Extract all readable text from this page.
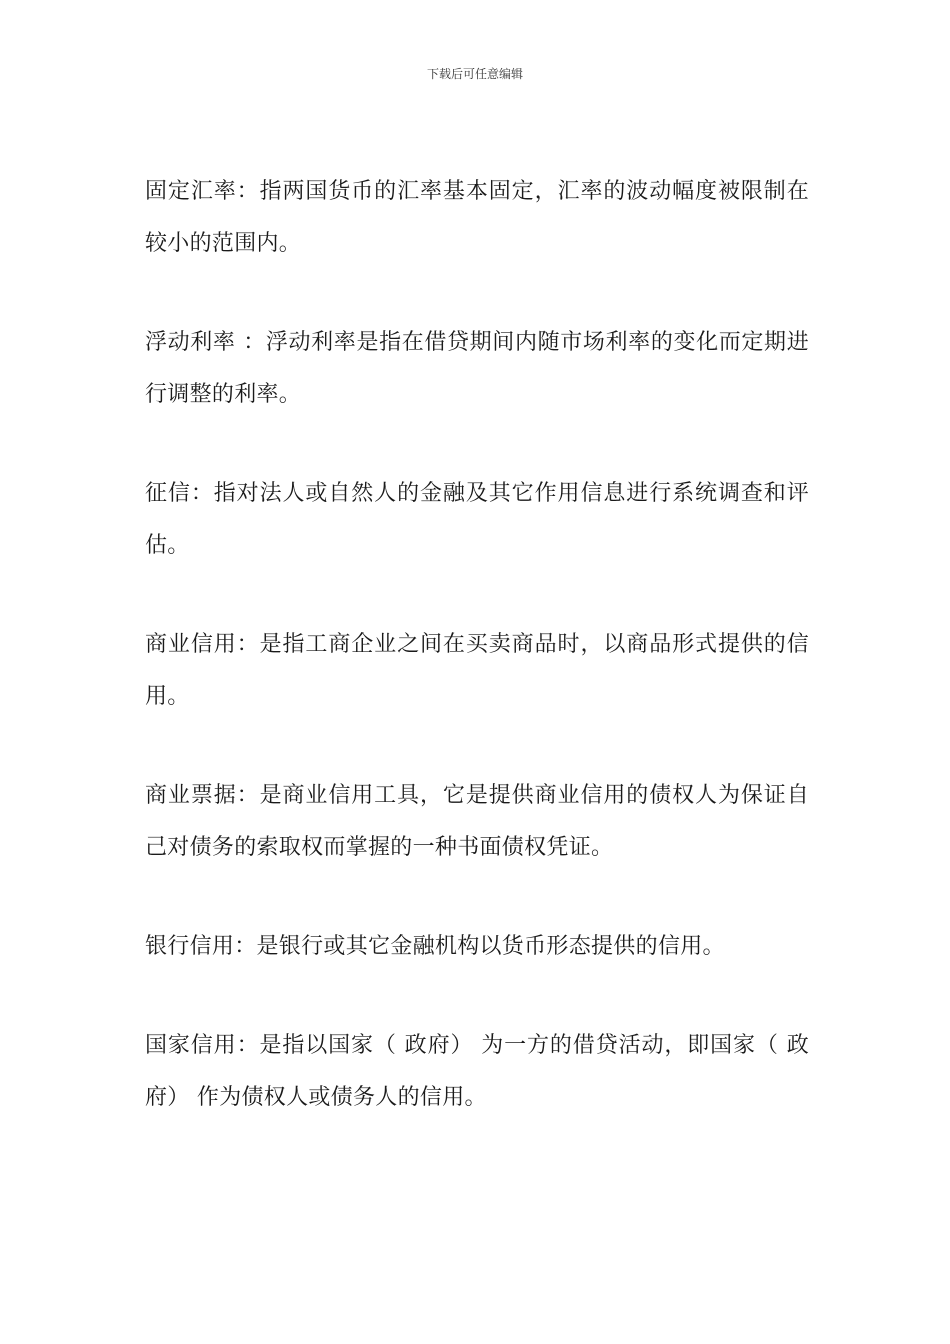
下载后可任意编辑

固定汇率：指两国货币的汇率基本固定，汇率的波动幅度被限制在较小的范围内。

浮动利率 ：浮动利率是指在借贷期间内随市场利率的变化而定期进行调整的利率。

征信：指对法人或自然人的金融及其它作用信息进行系统调查和评估。

商业信用：是指工商企业之间在买卖商品时，以商品形式提供的信用。

商业票据：是商业信用工具，它是提供商业信用的债权人为保证自己对债务的索取权而掌握的一种书面债权凭证。

银行信用：是银行或其它金融机构以货币形态提供的信用。

国家信用：是指以国家（ 政府） 为一方的借贷活动，即国家（ 政府） 作为债权人或债务人的信用。
